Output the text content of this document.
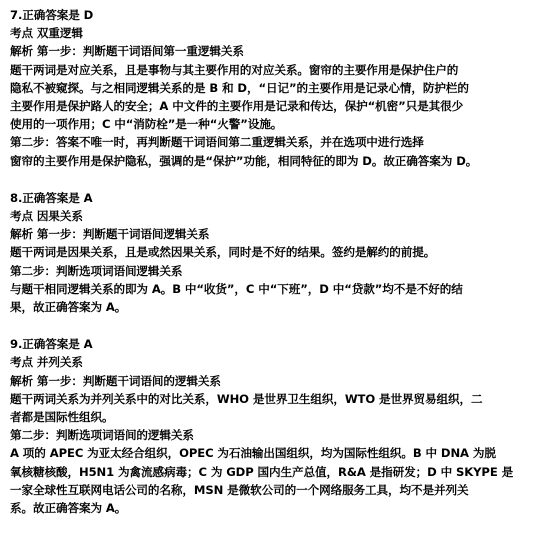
7.正确答案是 D
考点 双重逻辑
解析 第一步：判断题干词语间第一重逻辑关系
题干两词是对应关系，且是事物与其主要作用的对应关系。窗帘的主要作用是保护住户的
隐私不被窥探。与之相同逻辑关系的是 B 和 D，“日记”的主要作用是记录心情，防护栏的
主要作用是保护路人的安全；A 中文件的主要作用是记录和传达，保护“机密”只是其很少
使用的一项作用；C 中“消防栓”是一种“火警”设施。
第二步：答案不唯一时，再判断题干词语间第二重逻辑关系，并在选项中进行选择
窗帘的主要作用是保护隐私，强调的是“保护”功能，相同特征的即为 D。故正确答案为 D。
8.正确答案是 A
考点 因果关系
解析 第一步：判断题干词语间逻辑关系
题干两词是因果关系，且是或然因果关系，同时是不好的结果。签约是解约的前提。
第二步：判断选项词语间逻辑关系
与题干相同逻辑关系的即为 A。B 中“收货”，C 中“下班”，D 中“贷款”均不是不好的结
果，故正确答案为 A。
9.正确答案是 A
考点 并列关系
解析 第一步：判断题干词语间的逻辑关系
题干两词关系为并列关系中的对比关系，WHO 是世界卫生组织，WTO 是世界贸易组织，二
者都是国际性组织。
第二步：判断选项词语间的逻辑关系
A 项的 APEC 为亚太经合组织，OPEC 为石油输出国组织，均为国际性组织。B 中 DNA 为脱
氧核糖核酸，H5N1 为禽流感病毒；C 为 GDP 国内生产总值，R&A 是指研发；D 中 SKYPE 是
一家全球性互联网电话公司的名称，MSN 是微软公司的一个网络服务工具，均不是并列关
系。故正确答案为 A。
